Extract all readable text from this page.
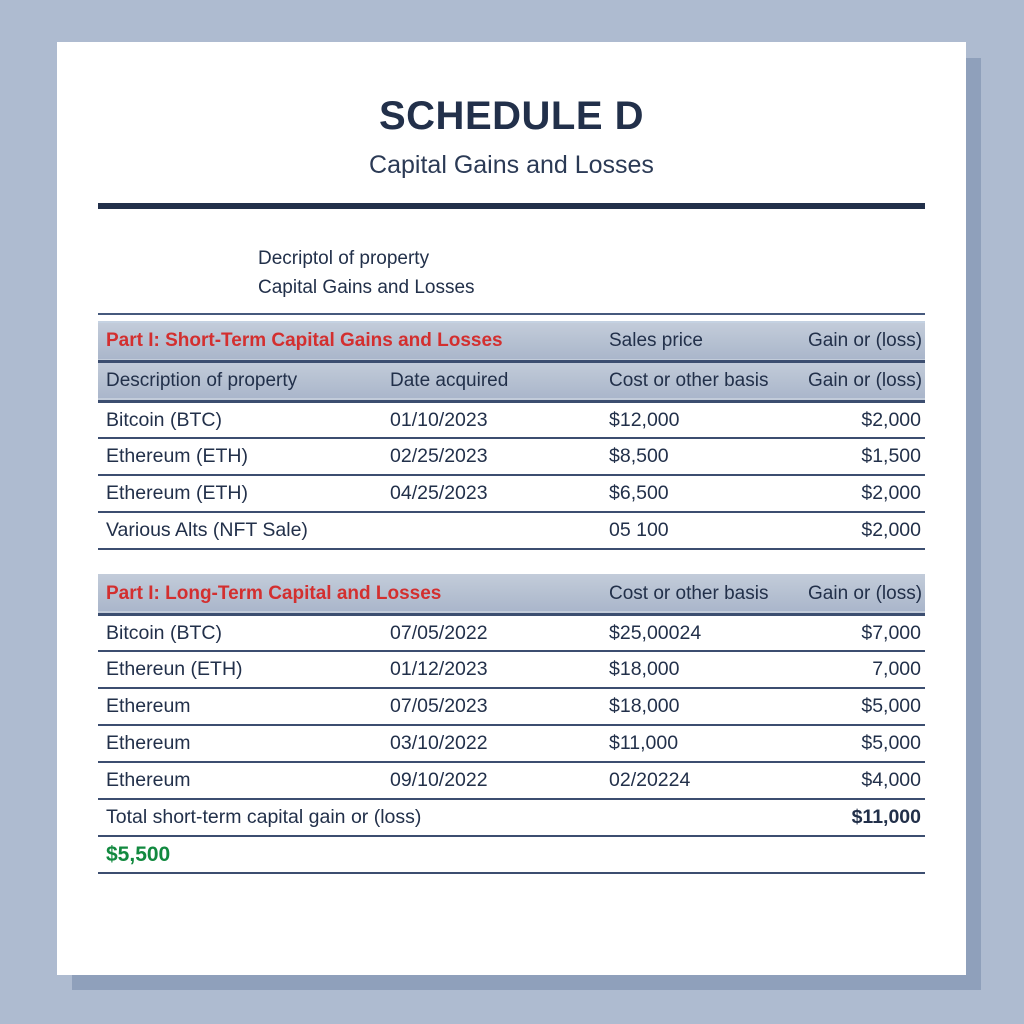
SCHEDULE D
Capital Gains and Losses
Decriptol of property
Capital Gains and Losses
Part I: Short-Term Capital Gains and Losses		Sales price	Gain or (loss)
Description of property	Date acquired	Cost or other basis	Gain or (loss)
Bitcoin (BTC)	01/10/2023	$12,000	$2,000
Ethereum (ETH)	02/25/2023	$8,500	$1,500
Ethereum (ETH)	04/25/2023	$6,500	$2,000
Various Alts (NFT Sale)		05 100	$2,000
Part I: Long-Term Capital and Losses		Cost or other basis	Gain or (loss)
Bitcoin (BTC)	07/05/2022	$25,00024	$7,000
Ethereun (ETH)	01/12/2023	$18,000	7,000
Ethereum	07/05/2023	$18,000	$5,000
Ethereum	03/10/2022	$11,000	$5,000
Ethereum	09/10/2022	02/20224	$4,000
Total short-term capital gain or (loss)			$11,000
$5,500			
